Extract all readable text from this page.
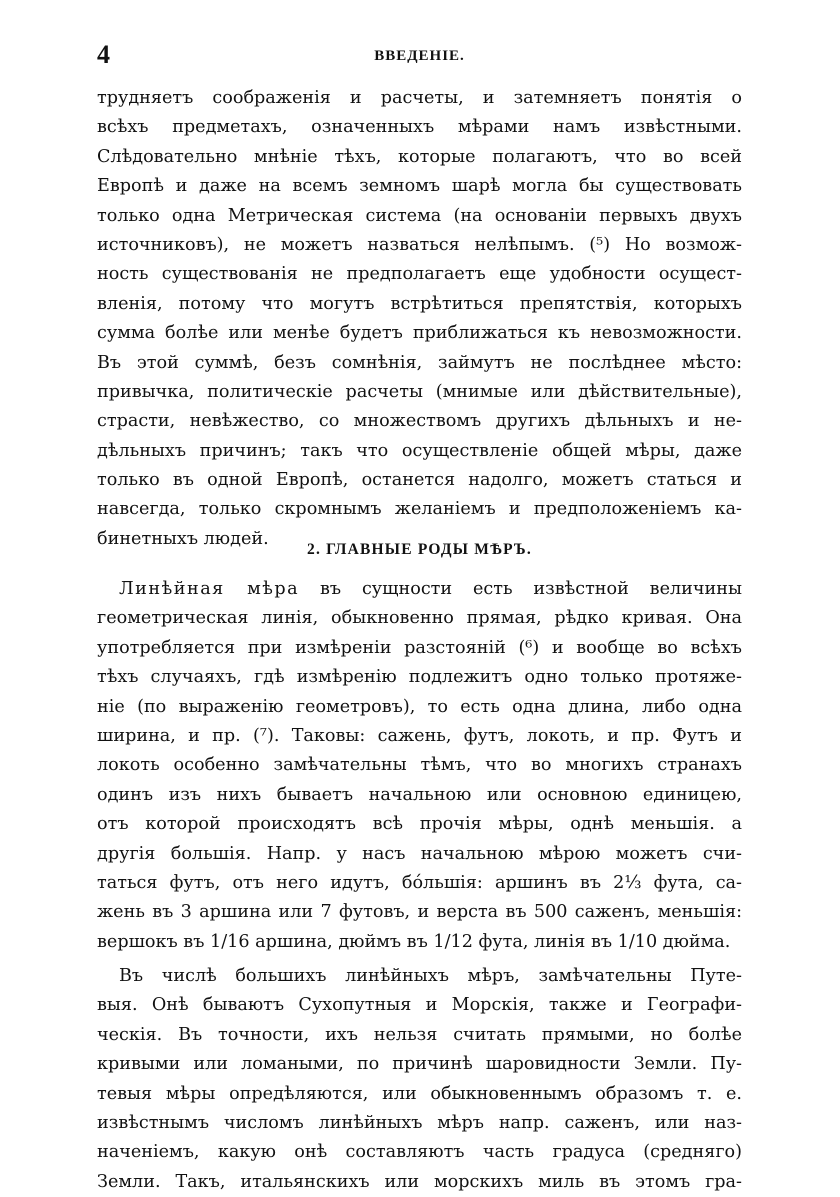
4	ВВЕДЕНІЕ.
трудняетъ соображенія и расчеты, и затемняетъ понятія о
всѣхъ предметахъ, означенныхъ мѣрами намъ извѣстными.
Слѣдовательно мнѣніе тѣхъ, которые полагаютъ, что во всей
Европѣ и даже на всемъ земномъ шарѣ могла бы существовать
только одна Метрическая система (на основаніи первыхъ двухъ
источниковъ), не можетъ назваться нелѣпымъ. (⁵) Но возмож-
ность существованія не предполагаетъ еще удобности осущест-
вленія, потому что могутъ встрѣтиться препятствія, которыхъ
сумма болѣе или менѣе будетъ приближаться къ невозможности.
Въ этой суммѣ, безъ сомнѣнія, займутъ не послѣднее мѣсто:
привычка, политическіе расчеты (мнимые или дѣйствительные),
страсти, невѣжество, со множествомъ другихъ дѣльныхъ и не-
дѣльныхъ причинъ; такъ что осуществленіе общей мѣры, даже
только въ одной Европѣ, останется надолго, можетъ статься и
навсегда, только скромнымъ желаніемъ и предположеніемъ ка-
бинетныхъ людей.
2. ГЛАВНЫЕ РОДЫ МѢРЪ.
Линѣйная мѣра въ сущности есть извѣстной величины
геометрическая линія, обыкновенно прямая, рѣдко кривая. Она
употребляется при измѣреніи разстояній (⁶) и вообще во всѣхъ
тѣхъ случаяхъ, гдѣ измѣренію подлежитъ одно только протяже-
ніе (по выраженію геометровъ), то есть одна длина, либо одна
ширина, и пр. (⁷). Таковы: сажень, футъ, локоть, и пр. Футъ и
локоть особенно замѣчательны тѣмъ, что во многихъ странахъ
одинъ изъ нихъ бываетъ начальною или основною единицею,
отъ которой происходятъ всѣ прочія мѣры, однѣ меньшія. а
другія большія. Напр. у насъ начальною мѣрою можетъ счи-
таться футъ, отъ него идутъ, бо́льшія: аршинъ въ 2⅓ фута, са-
жень въ 3 аршина или 7 футовъ, и верста въ 500 саженъ, меньшія:
вершокъ въ 1/16 аршина, дюймъ въ 1/12 фута, линія въ 1/10 дюйма.
Въ числѣ большихъ линѣйныхъ мѣръ, замѣчательны Путе-
выя. Онѣ бываютъ Сухопутныя и Морскія, также и Географи-
ческія. Въ точности, ихъ нельзя считать прямыми, но болѣе
кривыми или ломаными, по причинѣ шаровидности Земли. Пу-
тевыя мѣры опредѣляются, или обыкновеннымъ образомъ т. е.
извѣстнымъ числомъ линѣйныхъ мѣръ напр. саженъ, или наз-
наченіемъ, какую онѣ составляютъ часть градуса (средняго)
Земли. Такъ, итальянскихъ или морскихъ миль въ этомъ гра-
